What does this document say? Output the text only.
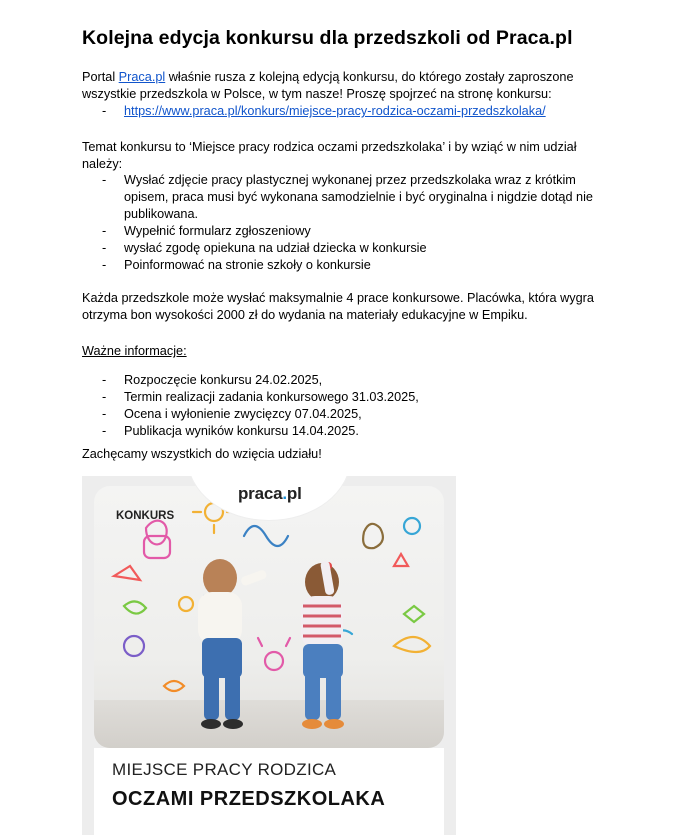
Kolejna edycja konkursu dla przedszkoli od Praca.pl

Portal Praca.pl właśnie rusza z kolejną edycją konkursu, do którego zostały zaproszone wszystkie przedszkola w Polsce, w tym nasze! Proszę spojrzeć na stronę konkursu:

- https://www.praca.pl/konkurs/miejsce-pracy-rodzica-oczami-przedszkolaka/

Temat konkursu to ‘Miejsce pracy rodzica oczami przedszkolaka’ i by wziąć w nim udział należy:

- Wysłać zdjęcie pracy plastycznej wykonanej przez przedszkolaka wraz z krótkim opisem, praca musi być wykonana samodzielnie i być oryginalna i nigdzie dotąd nie publikowana.
- Wypełnić formularz zgłoszeniowy
- wysłać zgodę opiekuna na udział dziecka w konkursie
- Poinformować na stronie szkoły o konkursie

Każda przedszkole może wysłać maksymalnie 4 prace konkursowe. Placówka, która wygra otrzyma bon wysokości 2000 zł do wydania na materiały edukacyjne w Empiku.

Ważne informacje:

- Rozpoczęcie konkursu 24.02.2025,
- Termin realizacji zadania konkursowego 31.03.2025,
- Ocena i wyłonienie zwycięzcy 07.04.2025,
- Publikacja wyników konkursu 14.04.2025.

Zachęcamy wszystkich do wzięcia udziału!

KONKURS
praca.pl
MIEJSCE PRACY RODZICA
OCZAMI PRZEDSZKOLAKA
